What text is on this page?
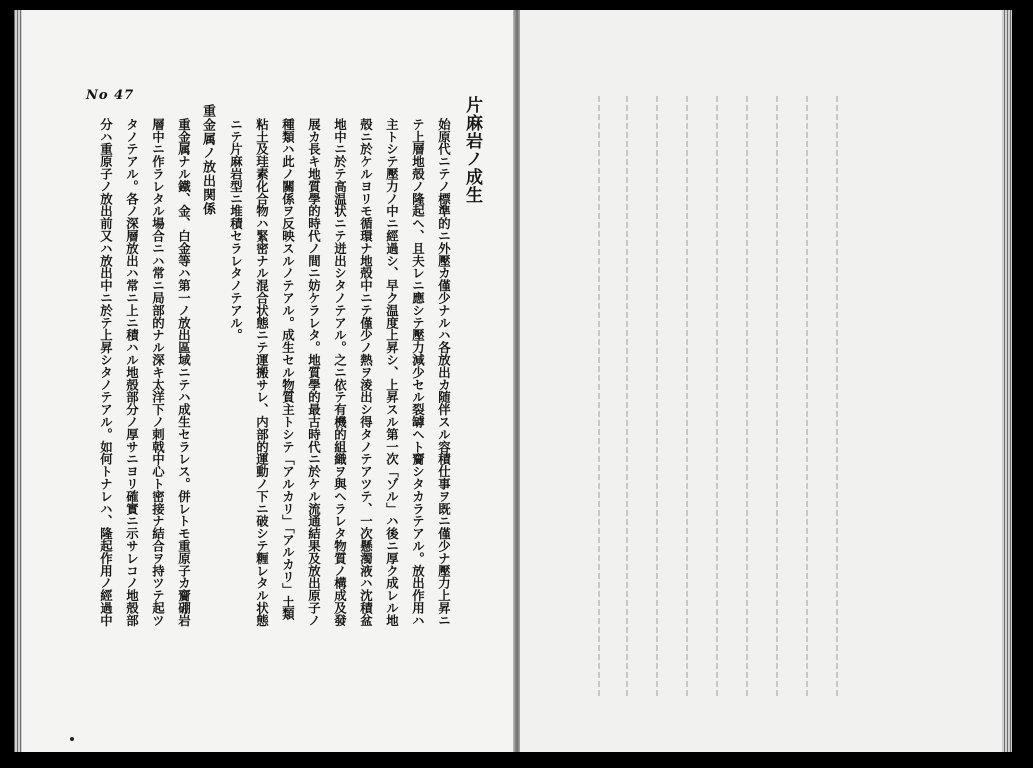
No 47
片麻岩ノ成生
始原代ニテノ標準的ニ外壓カ僅少ナルハ各放出カ随伴スル容積仕事ヲ既ニ僅少ナ壓力上昇ニ
テ上層地殻ノ隆起ヘ、且夫レニ應シテ壓力減少セル裂罅ヘト齎シタカラテアル。放出作用ハ
主トシテ壓力ノ中ニ經過シ、早ク温度上昇シ、上昇スル第一次「ゾル」ハ後ニ厚ク成レル地
殻ニ於ケルヨリモ循環ナ地殻中ニテ僅少ノ熱ヲ淩出シ得タノテアツテ、一次懸濁液ハ沈積盆
地中ニ於テ高温状ニテ迸出シタノテアル。之ニ依テ有機的組織ヲ與ヘラレタ物質ノ構成及發
展カ長キ地質學的時代ノ間ニ妨ケラレタ。地質學的最古時代ニ於ケル流通結果及放出原子ノ
種類ハ此ノ關係ヲ反映スルノテアル。成生セル物質主トシテ「アルカリ」「アルカリ」土類
粘土及珪素化合物ハ緊密ナル混合状態ニテ運搬サレ、内部的運動ノ下ニ破シテ糎レタル状態
ニテ片麻岩型ニ堆積セラレタノテアル。
重金属ノ放出関係
重金属ナル鐵、金、白金等ハ第一ノ放出區域ニテハ成生セラレス。併レトモ重原子カ齎硼岩
層中ニ作ラレタル場合ニハ常ニ局部的ナル深キ太洋下ノ刺戟中心ト密接ナ結合ヲ持ツテ起ツ
タノテアル。各ノ深層放出ハ常ニ上ニ積ハル地殻部分ノ厚サニヨリ確實ニ示サレコノ地殻部
分ハ重原子ノ放出前又ハ放出中ニ於テ上昇シタノテアル。如何トナレハ、隆起作用ノ經過中
